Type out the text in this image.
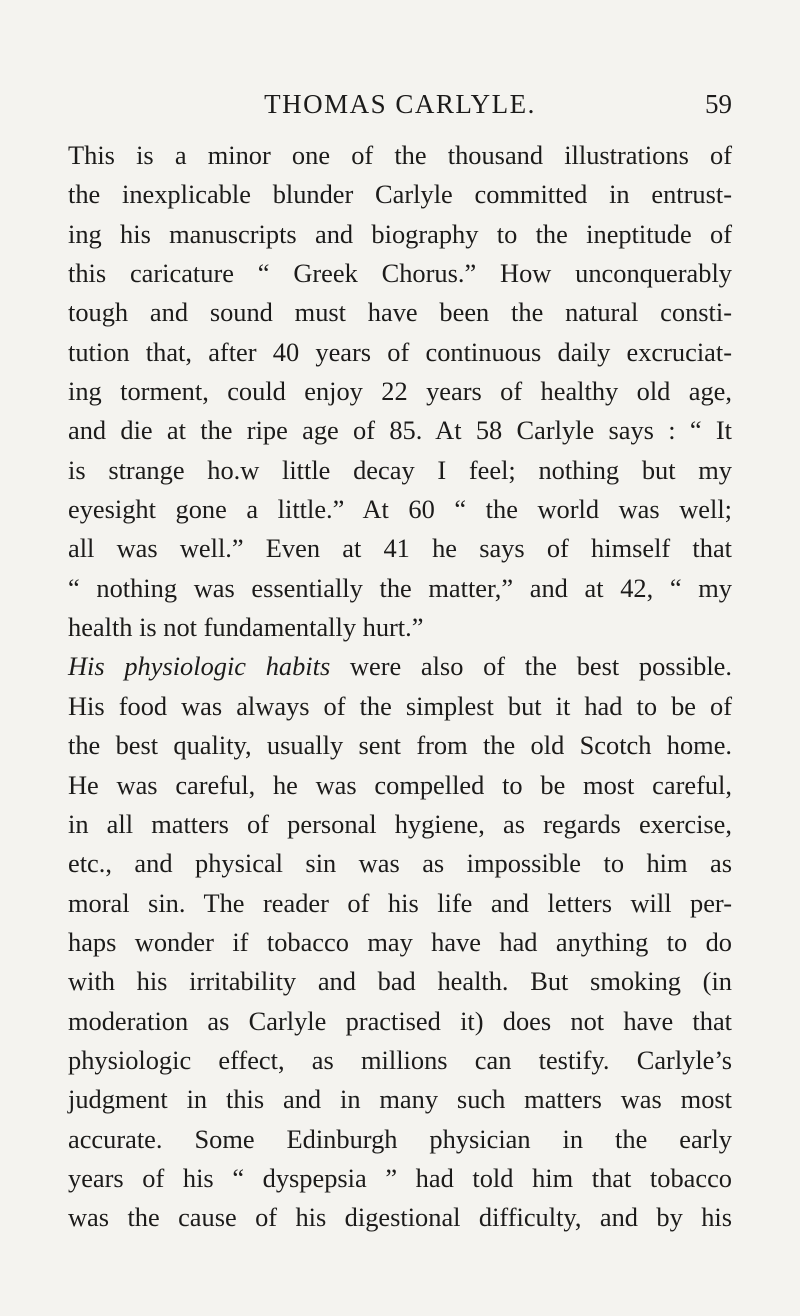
THOMAS CARLYLE.	59
This is a minor one of the thousand illustrations of
the inexplicable blunder Carlyle committed in entrust-
ing his manuscripts and biography to the ineptitude of
this caricature “ Greek Chorus.” How unconquerably
tough and sound must have been the natural consti-
tution that, after 40 years of continuous daily excruciat-
ing torment, could enjoy 22 years of healthy old age,
and die at the ripe age of 85. At 58 Carlyle says : “ It
is strange ho.w little decay I feel; nothing but my
eyesight gone a little.” At 60 “ the world was well;
all was well.” Even at 41 he says of himself that
“ nothing was essentially the matter,” and at 42, “ my
health is not fundamentally hurt.”
His physiologic habits were also of the best possible.
His food was always of the simplest but it had to be of
the best quality, usually sent from the old Scotch home.
He was careful, he was compelled to be most careful,
in all matters of personal hygiene, as regards exercise,
etc., and physical sin was as impossible to him as
moral sin. The reader of his life and letters will per-
haps wonder if tobacco may have had anything to do
with his irritability and bad health. But smoking (in
moderation as Carlyle practised it) does not have that
physiologic effect, as millions can testify. Carlyle’s
judgment in this and in many such matters was most
accurate. Some Edinburgh physician in the early
years of his “ dyspepsia ” had told him that tobacco
was the cause of his digestional difficulty, and by his
